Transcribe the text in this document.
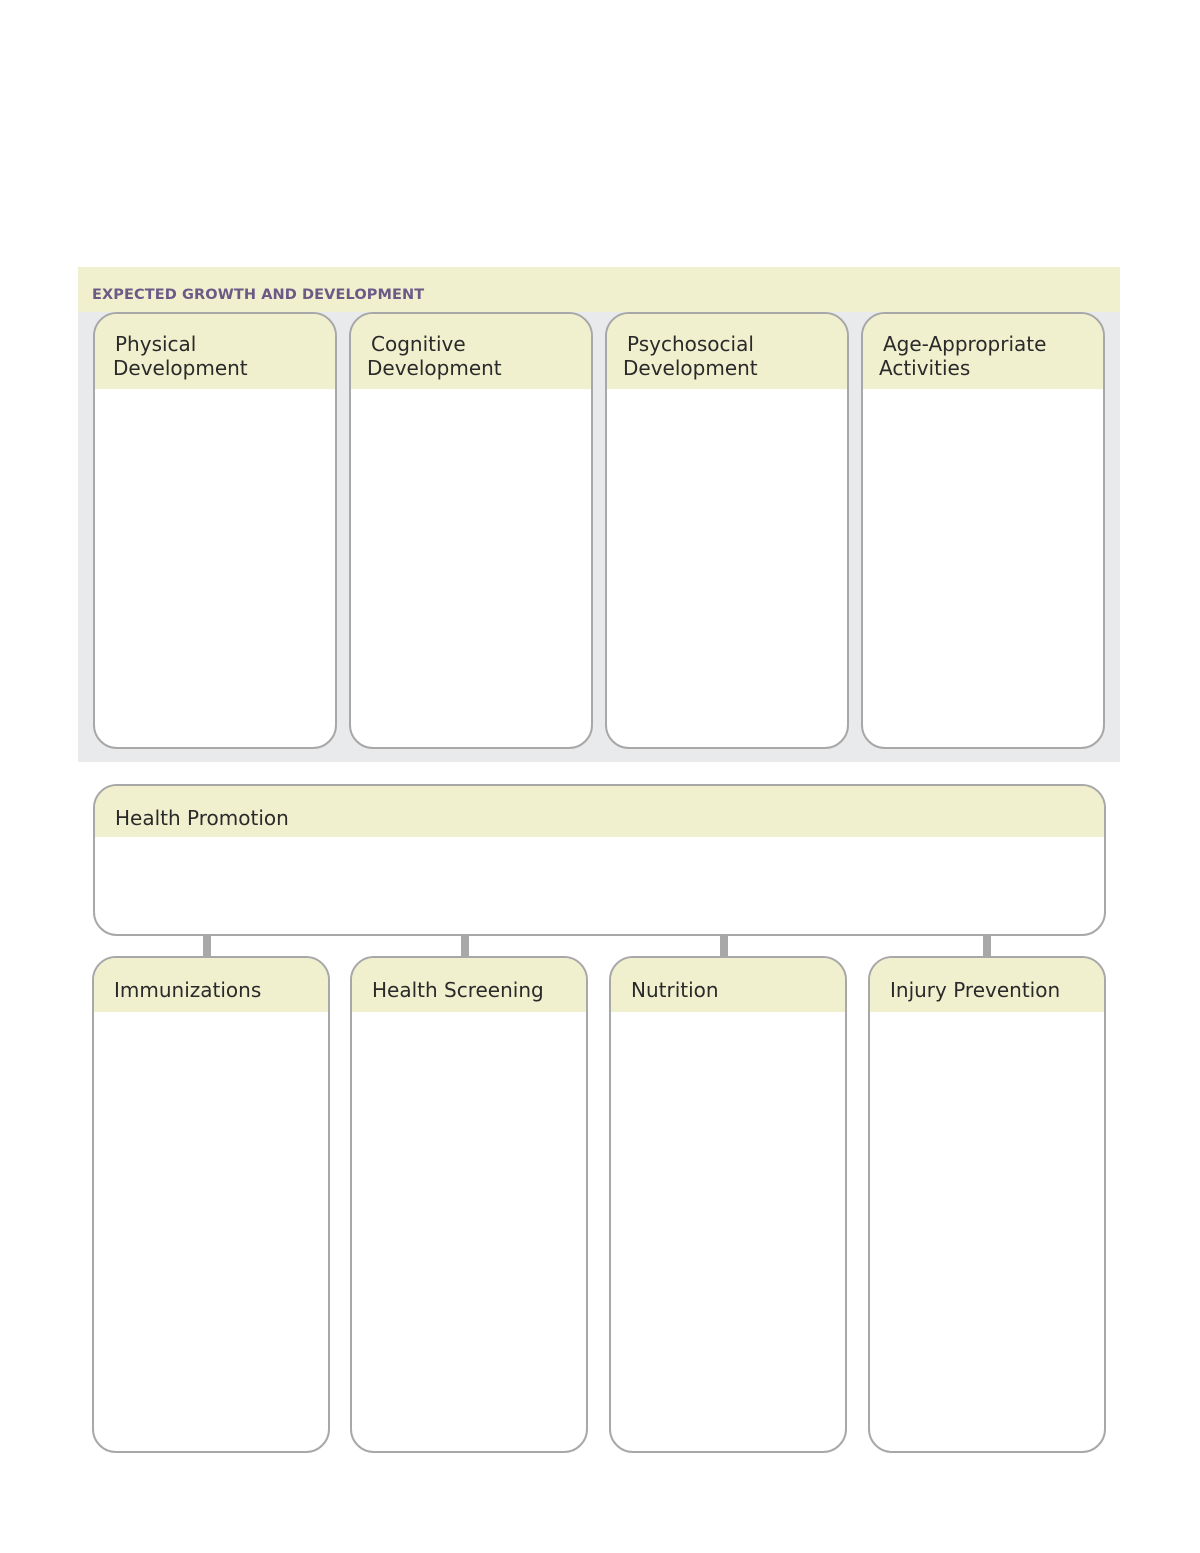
EXPECTED GROWTH AND DEVELOPMENT
Physical
Development
Cognitive
Development
Psychosocial
Development
Age-Appropriate
Activities
Health Promotion
Immunizations	Health Screening	Nutrition	Injury Prevention
